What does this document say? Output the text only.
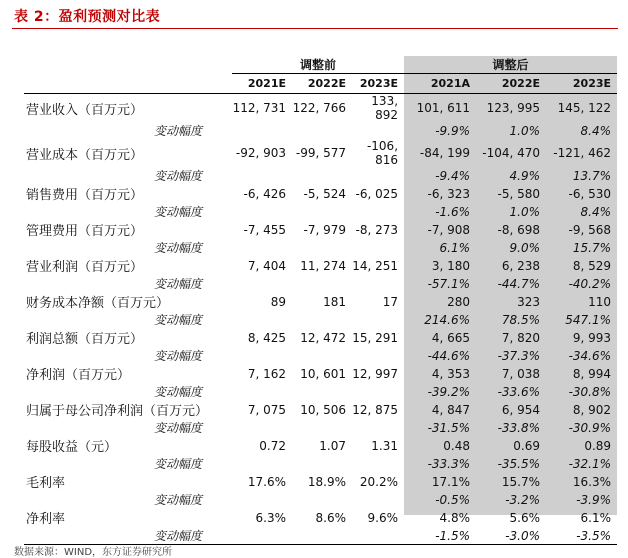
表 2：盈利预测对比表
	调整前			调整后		
	2021E	2022E	2023E	2021A	2022E	2023E
营业收入（百万元）	112, 731	122, 766	133, 892	101, 611	123, 995	145, 122
变动幅度				-9.9%	1.0%	8.4%
营业成本（百万元）	-92, 903	-99, 577	-106, 816	-84, 199	-104, 470	-121, 462
变动幅度				-9.4%	4.9%	13.7%
销售费用（百万元）	-6, 426	-5, 524	-6, 025	-6, 323	-5, 580	-6, 530
变动幅度				-1.6%	1.0%	8.4%
管理费用（百万元）	-7, 455	-7, 979	-8, 273	-7, 908	-8, 698	-9, 568
变动幅度				6.1%	9.0%	15.7%
营业利润（百万元）	7, 404	11, 274	14, 251	3, 180	6, 238	8, 529
变动幅度				-57.1%	-44.7%	-40.2%
财务成本净额（百万元）	89	181	17	280	323	110
变动幅度				214.6%	78.5%	547.1%
利润总额（百万元）	8, 425	12, 472	15, 291	4, 665	7, 820	9, 993
变动幅度				-44.6%	-37.3%	-34.6%
净利润（百万元）	7, 162	10, 601	12, 997	4, 353	7, 038	8, 994
变动幅度				-39.2%	-33.6%	-30.8%
归属于母公司净利润（百万元）	7, 075	10, 506	12, 875	4, 847	6, 954	8, 902
变动幅度				-31.5%	-33.8%	-30.9%
每股收益（元）	0.72	1.07	1.31	0.48	0.69	0.89
变动幅度				-33.3%	-35.5%	-32.1%
毛利率	17.6%	18.9%	20.2%	17.1%	15.7%	16.3%
变动幅度				-0.5%	-3.2%	-3.9%
净利率	6.3%	8.6%	9.6%	4.8%	5.6%	6.1%
变动幅度				-1.5%	-3.0%	-3.5%
数据来源：WIND，东方证券研究所
